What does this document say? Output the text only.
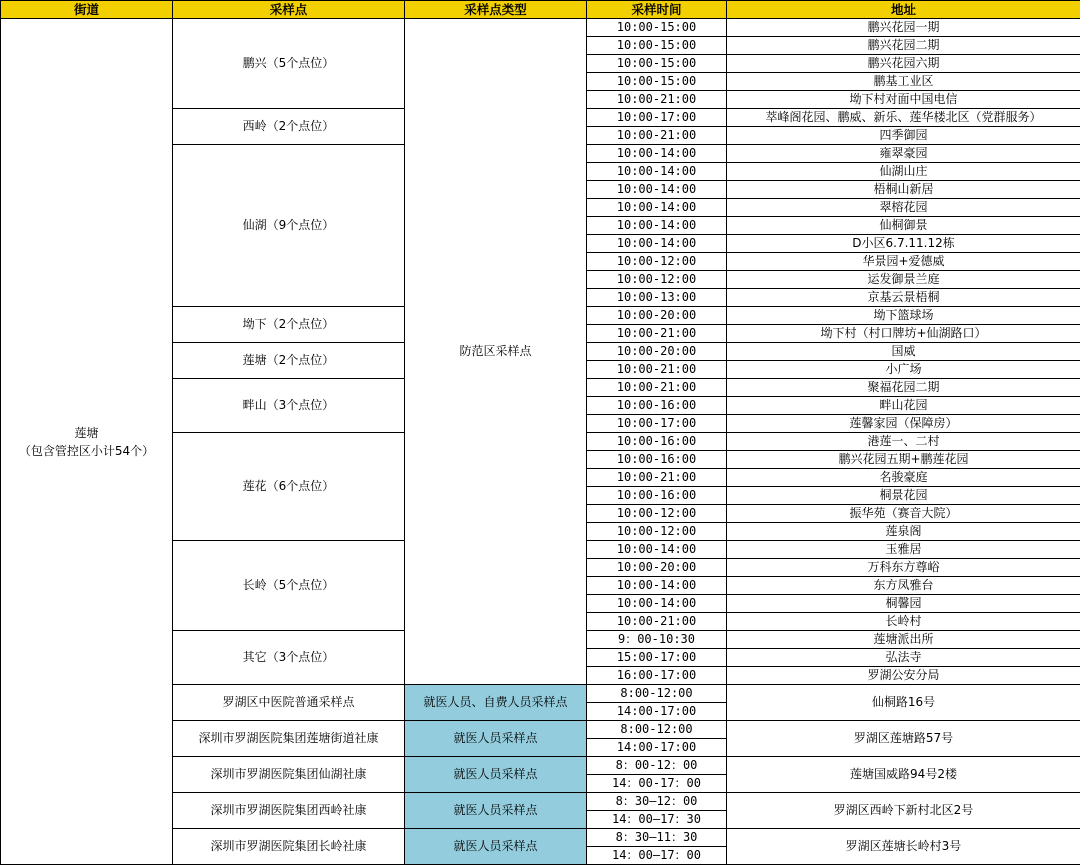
街道	采样点	采样点类型	采样时间	地址

莲塘
（包含管控区小计54个）	鹏兴（5个点位）	防范区采样点	10:00-15:00	鹏兴花园一期
			10:00-15:00	鹏兴花园二期
			10:00-15:00	鹏兴花园六期
			10:00-15:00	鹏基工业区
			10:00-21:00	坳下村对面中国电信
	西岭（2个点位）		10:00-17:00	萃峰阁花园、鹏威、新乐、莲华楼北区（党群服务）
			10:00-21:00	四季御园
	仙湖（9个点位）		10:00-14:00	雍翠豪园
			10:00-14:00	仙湖山庄
			10:00-14:00	梧桐山新居
			10:00-14:00	翠榕花园
			10:00-14:00	仙桐御景
			10:00-14:00	D小区6.7.11.12栋
			10:00-12:00	华景园+爱德威
			10:00-12:00	运发御景兰庭
			10:00-13:00	京基云景梧桐
	坳下（2个点位）		10:00-20:00	坳下篮球场
			10:00-21:00	坳下村（村口牌坊+仙湖路口）
	莲塘（2个点位）		10:00-20:00	国威
			10:00-21:00	小广场
	畔山（3个点位）		10:00-21:00	聚福花园二期
			10:00-16:00	畔山花园
			10:00-17:00	莲馨家园（保障房）
	莲花（6个点位）		10:00-16:00	港莲一、二村
			10:00-16:00	鹏兴花园五期+鹏莲花园
			10:00-21:00	名骏豪庭
			10:00-16:00	桐景花园
			10:00-12:00	振华苑（赛音大院）
			10:00-12:00	莲泉阁
	长岭（5个点位）		10:00-14:00	玉雅居
			10:00-20:00	万科东方尊峪
			10:00-14:00	东方凤雅台
			10:00-14:00	桐馨园
			10:00-21:00	长岭村
	其它（3个点位）		9：00-10:30	莲塘派出所
			15:00-17:00	弘法寺
			16:00-17:00	罗湖公安分局
	罗湖区中医院普通采样点	就医人员、自费人员采样点	8:00-12:00	仙桐路16号
			14:00-17:00	
	深圳市罗湖医院集团莲塘街道社康	就医人员采样点	8:00-12:00	罗湖区莲塘路57号
			14:00-17:00	
	深圳市罗湖医院集团仙湖社康	就医人员采样点	8：00-12：00	莲塘国威路94号2楼
			14：00-17：00	
	深圳市罗湖医院集团西岭社康	就医人员采样点	8：30—12：00	罗湖区西岭下新村北区2号
			14：00—17：30	
	深圳市罗湖医院集团长岭社康	就医人员采样点	8：30—11：30	罗湖区莲塘长岭村3号
			14：00—17：00	
